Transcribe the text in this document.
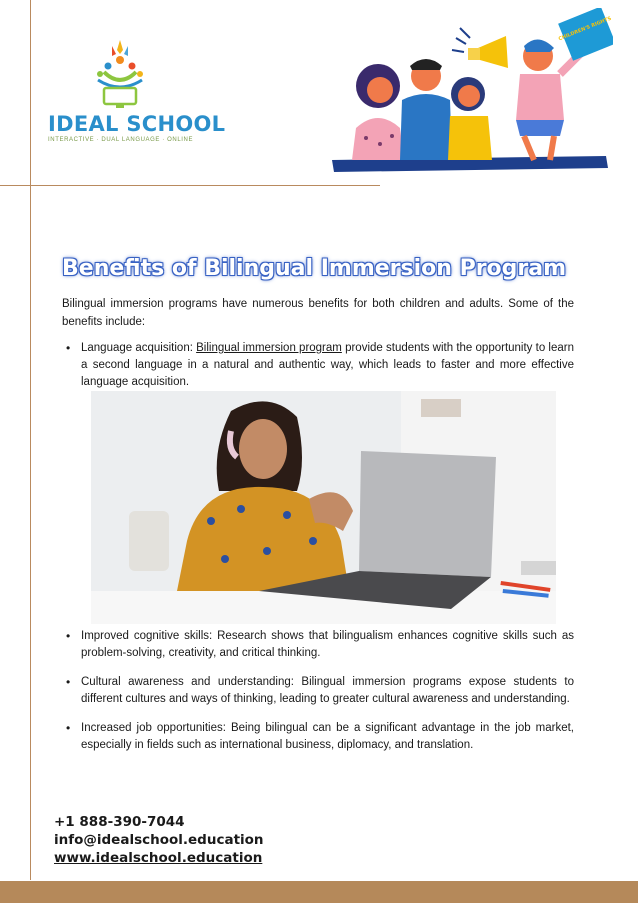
IDEAL SCHOOL
INTERACTIVE · DUAL LANGUAGE · ONLINE
CHILDREN'S RIGHTS
Benefits of Bilingual Immersion Program

Bilingual immersion programs have numerous benefits for both children and adults. Some of the benefits include:

• Language acquisition: Bilingual immersion program provide students with the opportunity to learn a second language in a natural and authentic way, which leads to faster and more effective language acquisition.
• Improved cognitive skills: Research shows that bilingualism enhances cognitive skills such as problem-solving, creativity, and critical thinking.
• Cultural awareness and understanding: Bilingual immersion programs expose students to different cultures and ways of thinking, leading to greater cultural awareness and understanding.
• Increased job opportunities: Being bilingual can be a significant advantage in the job market, especially in fields such as international business, diplomacy, and translation.
+1 888-390-7044
info@idealschool.education
www.idealschool.education
